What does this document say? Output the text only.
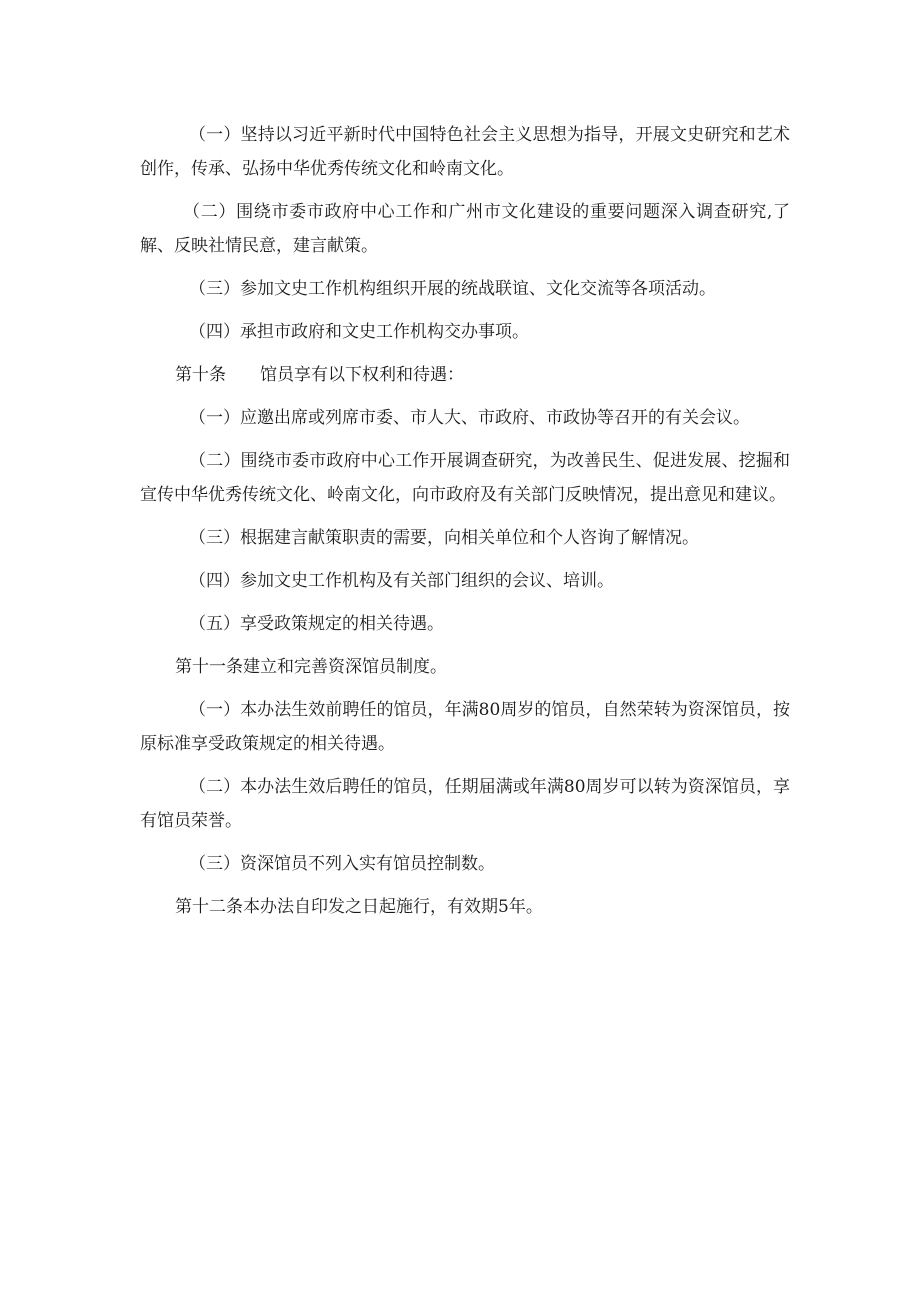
（一）坚持以习近平新时代中国特色社会主义思想为指导，开展文史研究和艺术创作，传承、弘扬中华优秀传统文化和岭南文化。

（二）围绕市委市政府中心工作和广州市文化建设的重要问题深入调查研究,了解、反映社情民意，建言献策。

（三）参加文史工作机构组织开展的统战联谊、文化交流等各项活动。

（四）承担市政府和文史工作机构交办事项。

第十条 馆员享有以下权利和待遇：

（一）应邀出席或列席市委、市人大、市政府、市政协等召开的有关会议。

（二）围绕市委市政府中心工作开展调查研究，为改善民生、促进发展、挖掘和宣传中华优秀传统文化、岭南文化，向市政府及有关部门反映情况，提出意见和建议。

（三）根据建言献策职责的需要，向相关单位和个人咨询了解情况。

（四）参加文史工作机构及有关部门组织的会议、培训。

（五）享受政策规定的相关待遇。

第十一条建立和完善资深馆员制度。

（一）本办法生效前聘任的馆员，年满80周岁的馆员，自然荣转为资深馆员，按原标准享受政策规定的相关待遇。

（二）本办法生效后聘任的馆员，任期届满或年满80周岁可以转为资深馆员，享有馆员荣誉。

（三）资深馆员不列入实有馆员控制数。

第十二条本办法自印发之日起施行，有效期5年。
